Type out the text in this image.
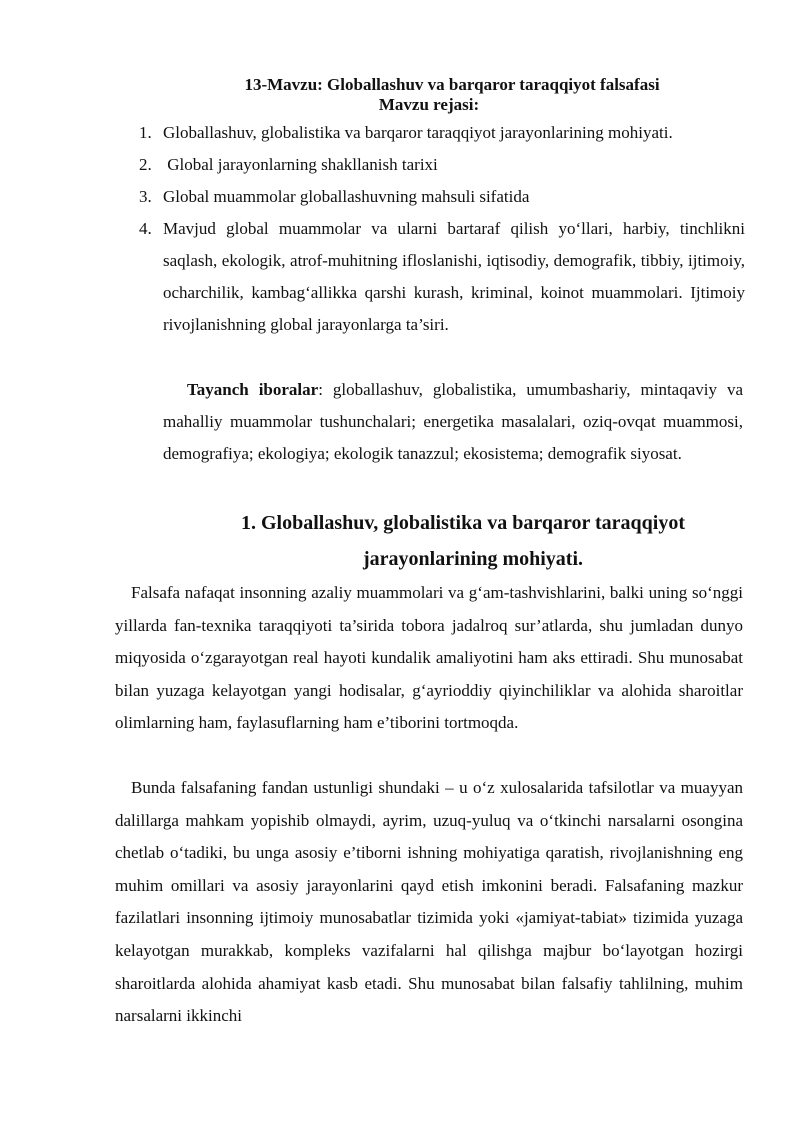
13-Mavzu: Globallashuv va barqaror taraqqiyot falsafasi
Mavzu rejasi:
1. Globallashuv, globalistika va barqaror taraqqiyot jarayonlarining mohiyati.
2. Global jarayonlarning shakllanish tarixi
3. Global muammolar globallashuvning mahsuli sifatida
4. Mavjud global muammolar va ularni bartaraf qilish yo‘llari, harbiy, tinchlikni saqlash, ekologik, atrof-muhitning ifloslanishi, iqtisodiy, demografik, tibbiy, ijtimoiy, ocharchilik, kambag‘allikka qarshi kurash, kriminal, koinot muammolari. Ijtimoiy rivojlanishning global jarayonlarga ta’siri.
Tayanch iboralar: globallashuv, globalistika, umumbashariy, mintaqaviy va mahalliy muammolar tushunchalari; energetika masalalari, oziq-ovqat muammosi, demografiya; ekologiya; ekologik tanazzul; ekosistema; demografik siyosat.
1. Globallashuv, globalistika va barqaror taraqqiyot
jarayonlarining mohiyati.

Falsafa nafaqat insonning azaliy muammolari va g‘am-tashvishlarini, balki uning so‘nggi yillarda fan-texnika taraqqiyoti ta’sirida tobora jadalroq sur’atlarda, shu jumladan dunyo miqyosida o‘zgarayotgan real hayoti kundalik amaliyotini ham aks ettiradi. Shu munosabat bilan yuzaga kelayotgan yangi hodisalar, g‘ayrioddiy qiyinchiliklar va alohida sharoitlar olimlarning ham, faylasuflarning ham e’tiborini tortmoqda.

Bunda falsafaning fandan ustunligi shundaki – u o‘z xulosalarida tafsilotlar va muayyan dalillarga mahkam yopishib olmaydi, ayrim, uzuq-yuluq va o‘tkinchi narsalarni osongina chetlab o‘tadiki, bu unga asosiy e’tiborni ishning mohiyatiga qaratish, rivojlanishning eng muhim omillari va asosiy jarayonlarini qayd etish imkonini beradi. Falsafaning mazkur fazilatlari insonning ijtimoiy munosabatlar tizimida yoki «jamiyat-tabiat» tizimida yuzaga kelayotgan murakkab, kompleks vazifalarni hal qilishga majbur bo‘layotgan hozirgi sharoitlarda alohida ahamiyat kasb etadi. Shu munosabat bilan falsafiy tahlilning, muhim narsalarni ikkinchi
